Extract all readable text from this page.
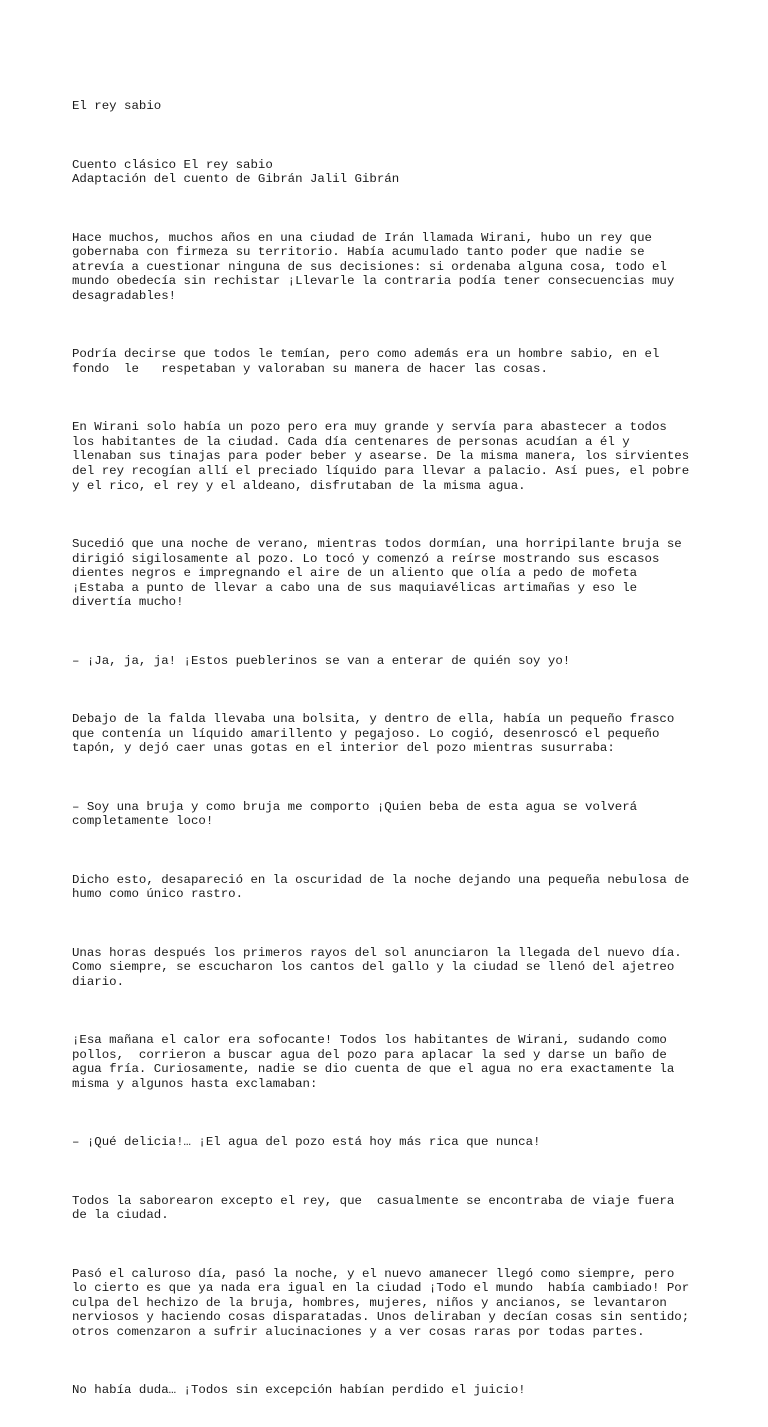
El rey sabio

Cuento clásico El rey sabio
Adaptación del cuento de Gibrán Jalil Gibrán

Hace muchos, muchos años en una ciudad de Irán llamada Wirani, hubo un rey que
gobernaba con firmeza su territorio. Había acumulado tanto poder que nadie se
atrevía a cuestionar ninguna de sus decisiones: si ordenaba alguna cosa, todo el
mundo obedecía sin rechistar ¡Llevarle la contraria podía tener consecuencias muy
desagradables!

Podría decirse que todos le temían, pero como además era un hombre sabio, en el
fondo  le   respetaban y valoraban su manera de hacer las cosas.

En Wirani solo había un pozo pero era muy grande y servía para abastecer a todos
los habitantes de la ciudad. Cada día centenares de personas acudían a él y
llenaban sus tinajas para poder beber y asearse. De la misma manera, los sirvientes
del rey recogían allí el preciado líquido para llevar a palacio. Así pues, el pobre
y el rico, el rey y el aldeano, disfrutaban de la misma agua.

Sucedió que una noche de verano, mientras todos dormían, una horripilante bruja se
dirigió sigilosamente al pozo. Lo tocó y comenzó a reírse mostrando sus escasos
dientes negros e impregnando el aire de un aliento que olía a pedo de mofeta
¡Estaba a punto de llevar a cabo una de sus maquiavélicas artimañas y eso le
divertía mucho!

– ¡Ja, ja, ja! ¡Estos pueblerinos se van a enterar de quién soy yo!

Debajo de la falda llevaba una bolsita, y dentro de ella, había un pequeño frasco
que contenía un líquido amarillento y pegajoso. Lo cogió, desenroscó el pequeño
tapón, y dejó caer unas gotas en el interior del pozo mientras susurraba:

– Soy una bruja y como bruja me comporto ¡Quien beba de esta agua se volverá
completamente loco!

Dicho esto, desapareció en la oscuridad de la noche dejando una pequeña nebulosa de
humo como único rastro.

Unas horas después los primeros rayos del sol anunciaron la llegada del nuevo día.
Como siempre, se escucharon los cantos del gallo y la ciudad se llenó del ajetreo
diario.

¡Esa mañana el calor era sofocante! Todos los habitantes de Wirani, sudando como
pollos,  corrieron a buscar agua del pozo para aplacar la sed y darse un baño de
agua fría. Curiosamente, nadie se dio cuenta de que el agua no era exactamente la
misma y algunos hasta exclamaban:

– ¡Qué delicia!… ¡El agua del pozo está hoy más rica que nunca!

Todos la saborearon excepto el rey, que  casualmente se encontraba de viaje fuera
de la ciudad.

Pasó el caluroso día, pasó la noche, y el nuevo amanecer llegó como siempre, pero
lo cierto es que ya nada era igual en la ciudad ¡Todo el mundo  había cambiado! Por
culpa del hechizo de la bruja, hombres, mujeres, niños y ancianos, se levantaron
nerviosos y haciendo cosas disparatadas. Unos deliraban y decían cosas sin sentido;
otros comenzaron a sufrir alucinaciones y a ver cosas raras por todas partes.

No había duda… ¡Todos sin excepción habían perdido el juicio!
